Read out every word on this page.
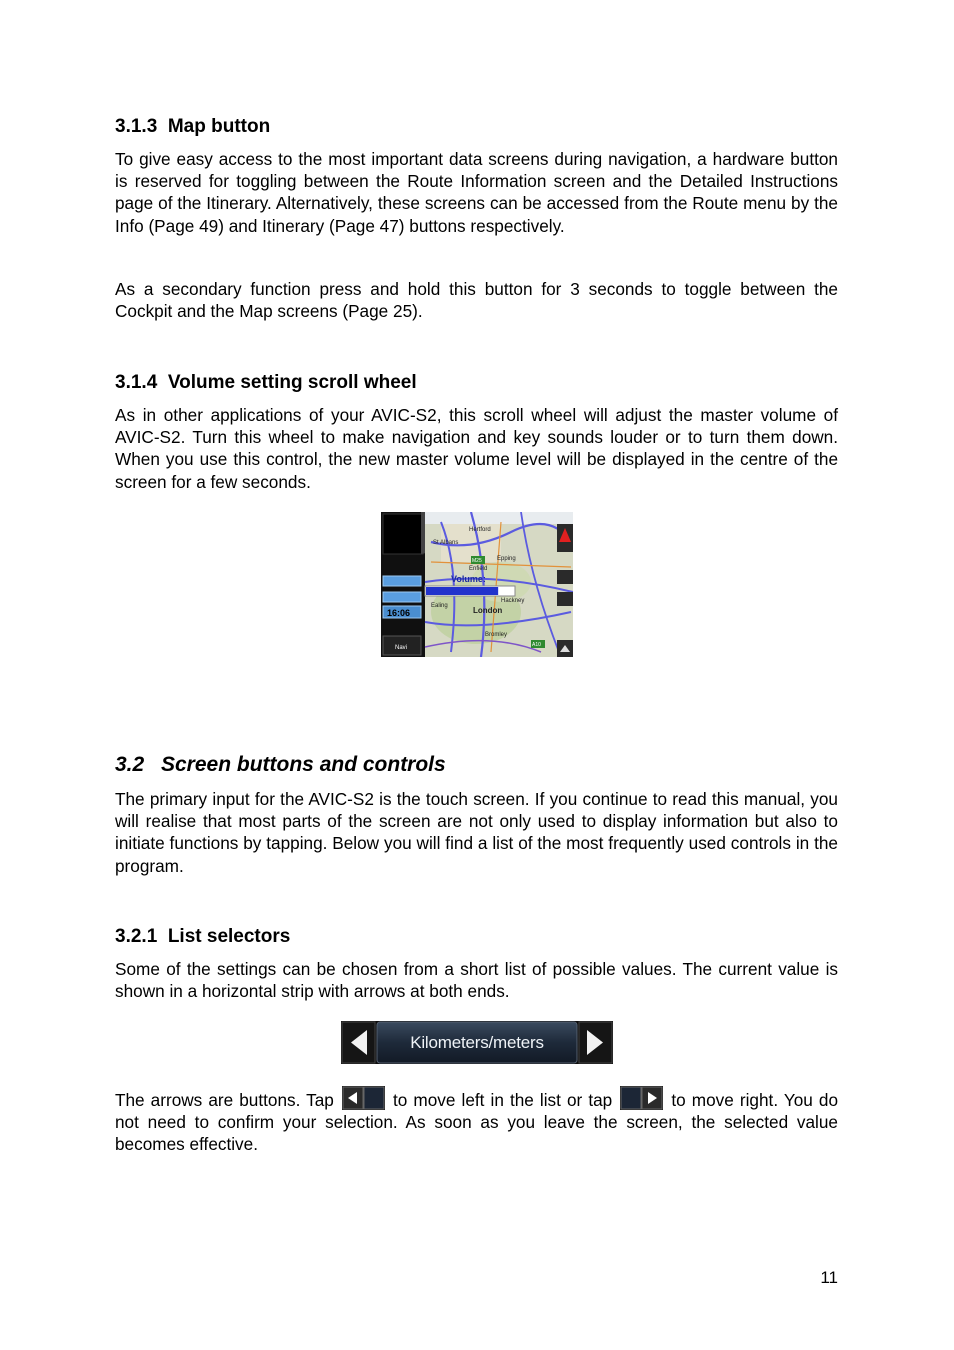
3.1.3 Map button

To give easy access to the most important data screens during navigation, a hardware button is reserved for toggling between the Route Information screen and the Detailed Instructions page of the Itinerary. Alternatively, these screens can be accessed from the Route menu by the Info (Page 49) and Itinerary (Page 47) buttons respectively.

As a secondary function press and hold this button for 3 seconds to toggle between the Cockpit and the Map screens (Page 25).

3.1.4 Volume setting scroll wheel

As in other applications of your AVIC-S2, this scroll wheel will adjust the master volume of AVIC-S2. Turn this wheel to make navigation and key sounds louder or to turn them down. When you use this control, the new master volume level will be displayed in the centre of the screen for a few seconds.

Volume:
Hertford
St Albans
Epping
Enfield
London
Ealing
Bromley
Hackney
M25
A10
16:06
Navi
3.2 Screen buttons and controls

The primary input for the AVIC-S2 is the touch screen. If you continue to read this manual, you will realise that most parts of the screen are not only used to display information but also to initiate functions by tapping. Below you will find a list of the most frequently used controls in the program.

3.2.1 List selectors

Some of the settings can be chosen from a short list of possible values. The current value is shown in a horizontal strip with arrows at both ends.

Kilometers/meters

The arrows are buttons. Tap	to move left in the list or tap	to move right. You do not need to confirm your selection. As soon as you leave the screen, the selected value becomes effective.

11
